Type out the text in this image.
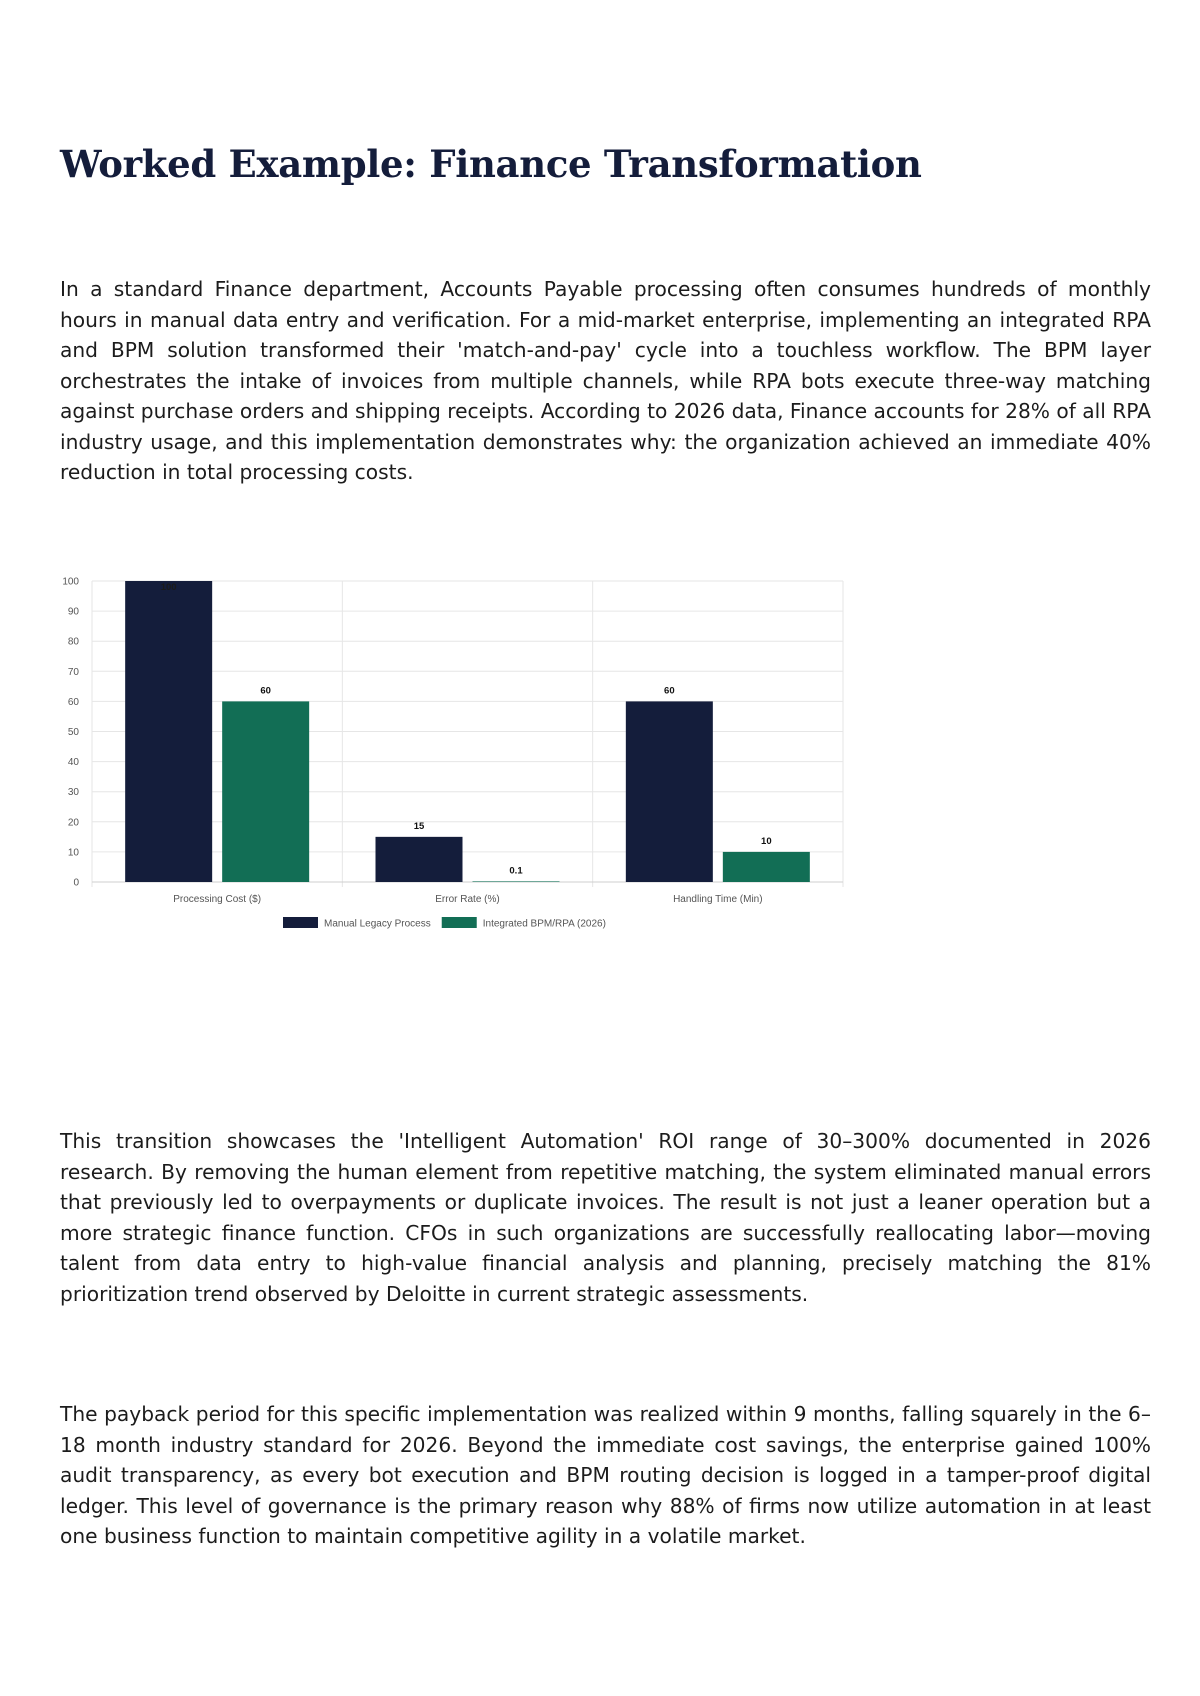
Worked Example: Finance Transformation

In a standard Finance department, Accounts Payable processing often consumes hundreds of monthly hours in manual data entry and verification. For a mid-market enterprise, implementing an integrated RPA and BPM solution transformed their 'match-and-pay' cycle into a touchless workflow. The BPM layer orchestrates the intake of invoices from multiple channels, while RPA bots execute three-way matching against purchase orders and shipping receipts. According to 2026 data, Finance accounts for 28% of all RPA industry usage, and this implementation demonstrates why: the organization achieved an immediate 40% reduction in total processing costs.

0
10
20
30
40
50
60
70
80
90
100	100
15
60
60
0.1
10
Processing Cost ($)	Error Rate (%)	Handling Time (Min)
Manual Legacy Process	Integrated BPM/RPA (2026)

This transition showcases the 'Intelligent Automation' ROI range of 30–300% documented in 2026 research. By removing the human element from repetitive matching, the system eliminated manual errors that previously led to overpayments or duplicate invoices. The result is not just a leaner operation but a more strategic finance function. CFOs in such organizations are successfully reallocating labor—moving talent from data entry to high-value financial analysis and planning, precisely matching the 81% prioritization trend observed by Deloitte in current strategic assessments.

The payback period for this specific implementation was realized within 9 months, falling squarely in the 6–18 month industry standard for 2026. Beyond the immediate cost savings, the enterprise gained 100% audit transparency, as every bot execution and BPM routing decision is logged in a tamper-proof digital ledger. This level of governance is the primary reason why 88% of firms now utilize automation in at least one business function to maintain competitive agility in a volatile market.
